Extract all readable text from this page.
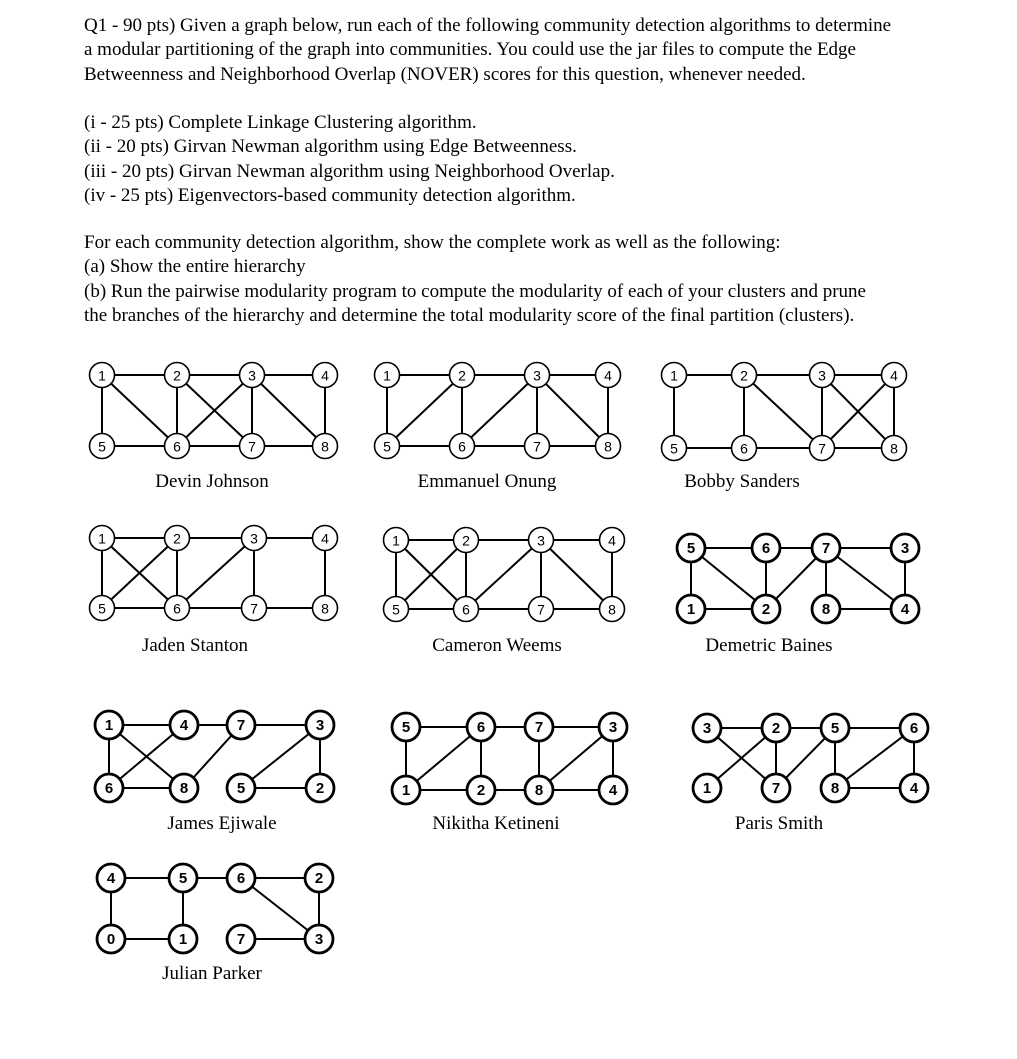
Q1 - 90 pts) Given a graph below, run each of the following community detection algorithms to determine
a modular partitioning of the graph into communities. You could use the jar files to compute the Edge
Betweenness and Neighborhood Overlap (NOVER) scores for this question, whenever needed.

(i - 25 pts) Complete Linkage Clustering algorithm.
(ii - 20 pts) Girvan Newman algorithm using Edge Betweenness.
(iii - 20 pts) Girvan Newman algorithm using Neighborhood Overlap.
(iv - 25 pts) Eigenvectors-based community detection algorithm.

For each community detection algorithm, show the complete work as well as the following:
(a) Show the entire hierarchy
(b) Run the pairwise modularity program to compute the modularity of each of your clusters and prune
the branches of the hierarchy and determine the total modularity score of the final partition (clusters).

1	2	3	4
5	6	7	8
Devin Johnson
1	2	3	4
5	6	7	8
Emmanuel Onung
1	2	3	4
5	6	7	8
Bobby Sanders
1	2	3	4
5	6	7	8
Jaden Stanton
1	2	3	4
5	6	7	8
Cameron Weems
5	6	7	3
1	2	8	4
Demetric Baines
1	4	7	3
6	8	5	2
James Ejiwale
5	6	7	3
1	2	8	4
Nikitha Ketineni
3	2	5	6
1	7	8	4
Paris Smith
4	5	6	2
0	1	7	3
Julian Parker
